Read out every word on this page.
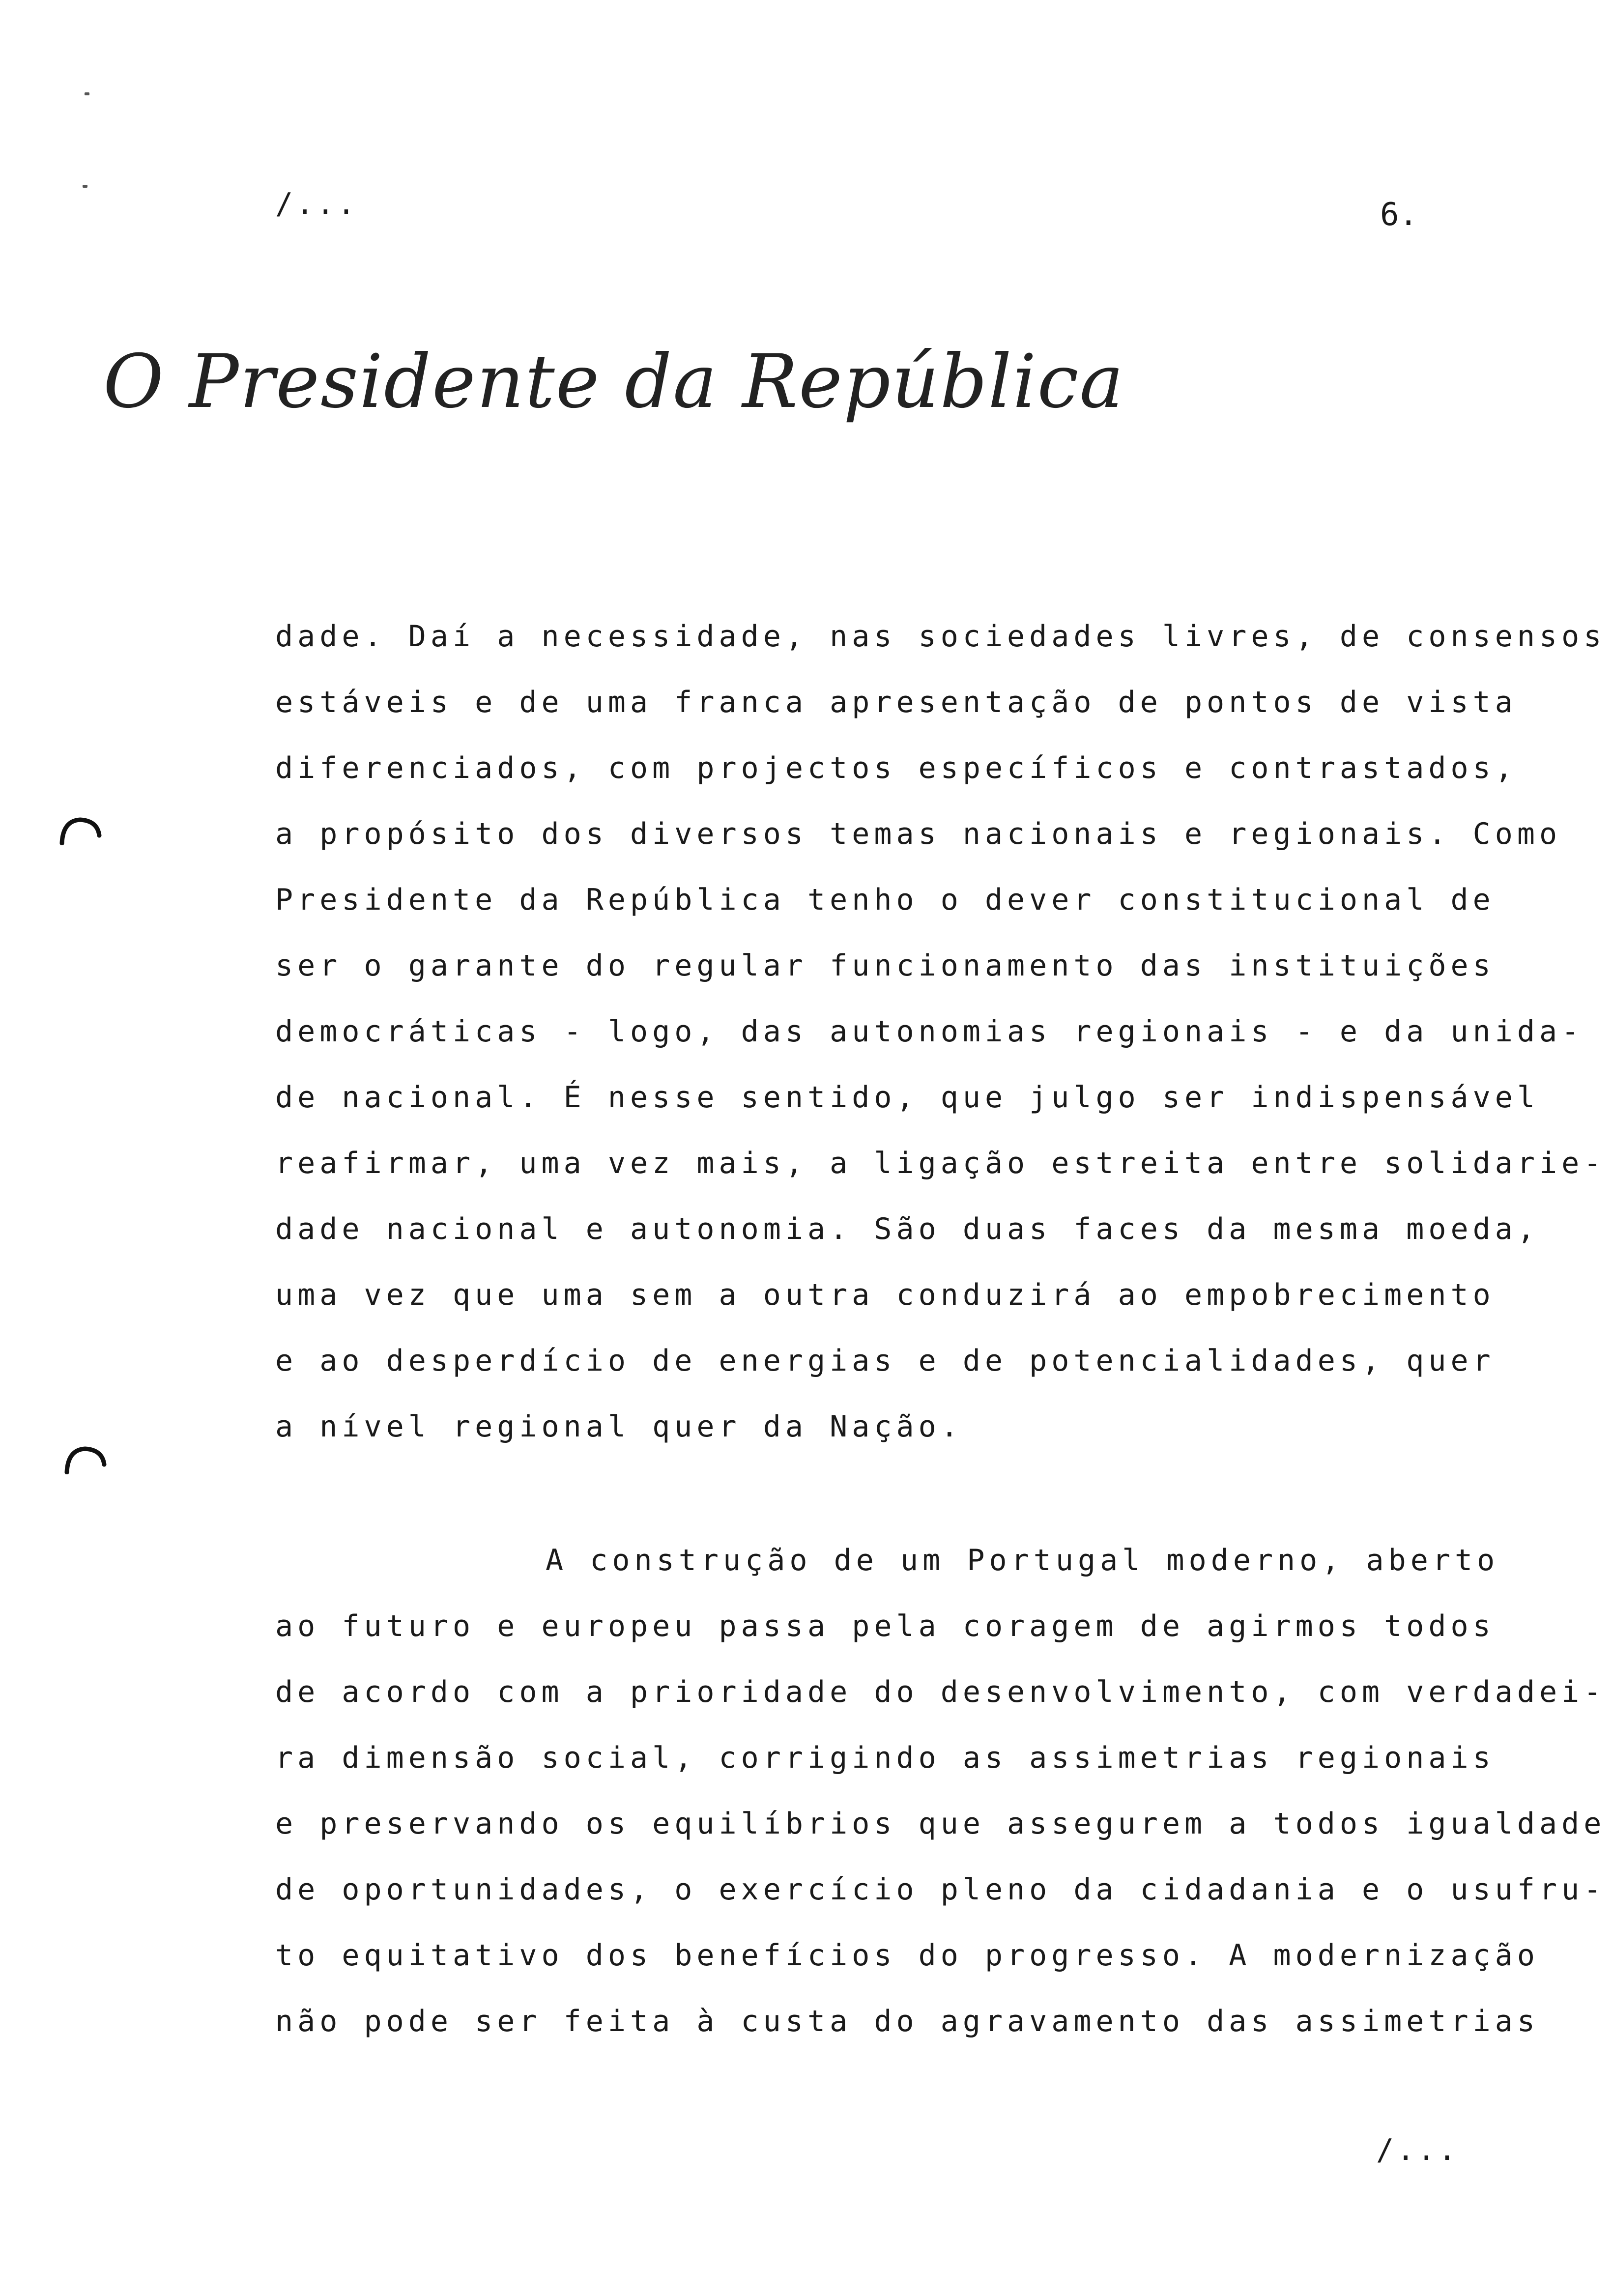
/...	6.
O Presidente da República
dade. Daí a necessidade, nas sociedades livres, de consensos
estáveis e de uma franca apresentação de pontos de vista
diferenciados, com projectos específicos e contrastados,
a propósito dos diversos temas nacionais e regionais. Como
Presidente da República tenho o dever constitucional de
ser o garante do regular funcionamento das instituições
democráticas - logo, das autonomias regionais - e da unida-
de nacional. É nesse sentido, que julgo ser indispensável
reafirmar, uma vez mais, a ligação estreita entre solidarie-
dade nacional e autonomia. São duas faces da mesma moeda,
uma vez que uma sem a outra conduzirá ao empobrecimento
e ao desperdício de energias e de potencialidades, quer
a nível regional quer da Nação.
A construção de um Portugal moderno, aberto
ao futuro e europeu passa pela coragem de agirmos todos
de acordo com a prioridade do desenvolvimento, com verdadei-
ra dimensão social, corrigindo as assimetrias regionais
e preservando os equilíbrios que assegurem a todos igualdade
de oportunidades, o exercício pleno da cidadania e o usufru-
to equitativo dos benefícios do progresso. A modernização
não pode ser feita à custa do agravamento das assimetrias
/...
